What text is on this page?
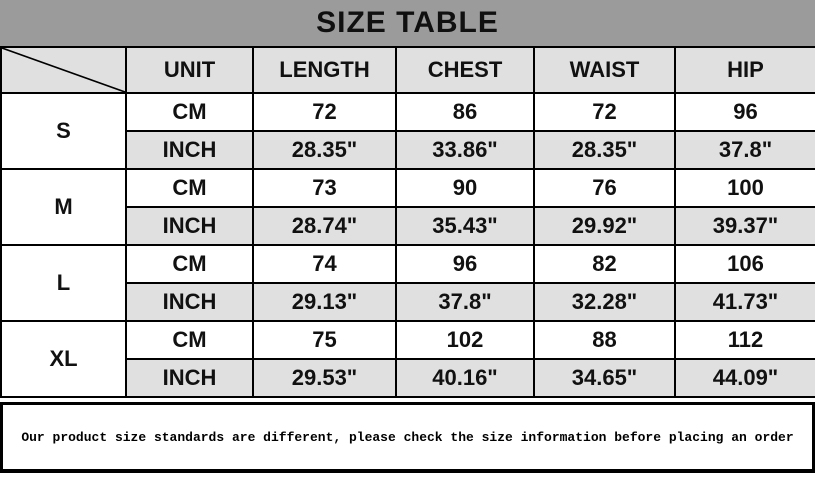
SIZE TABLE
	UNIT	LENGTH	CHEST	WAIST	HIP
S	CM	72	86	72	96
	INCH	28.35"	33.86"	28.35"	37.8"
M	CM	73	90	76	100
	INCH	28.74"	35.43"	29.92"	39.37"
L	CM	74	96	82	106
	INCH	29.13"	37.8"	32.28"	41.73"
XL	CM	75	102	88	112
	INCH	29.53"	40.16"	34.65"	44.09"
Our product size standards are different, please check the size information before placing an order
